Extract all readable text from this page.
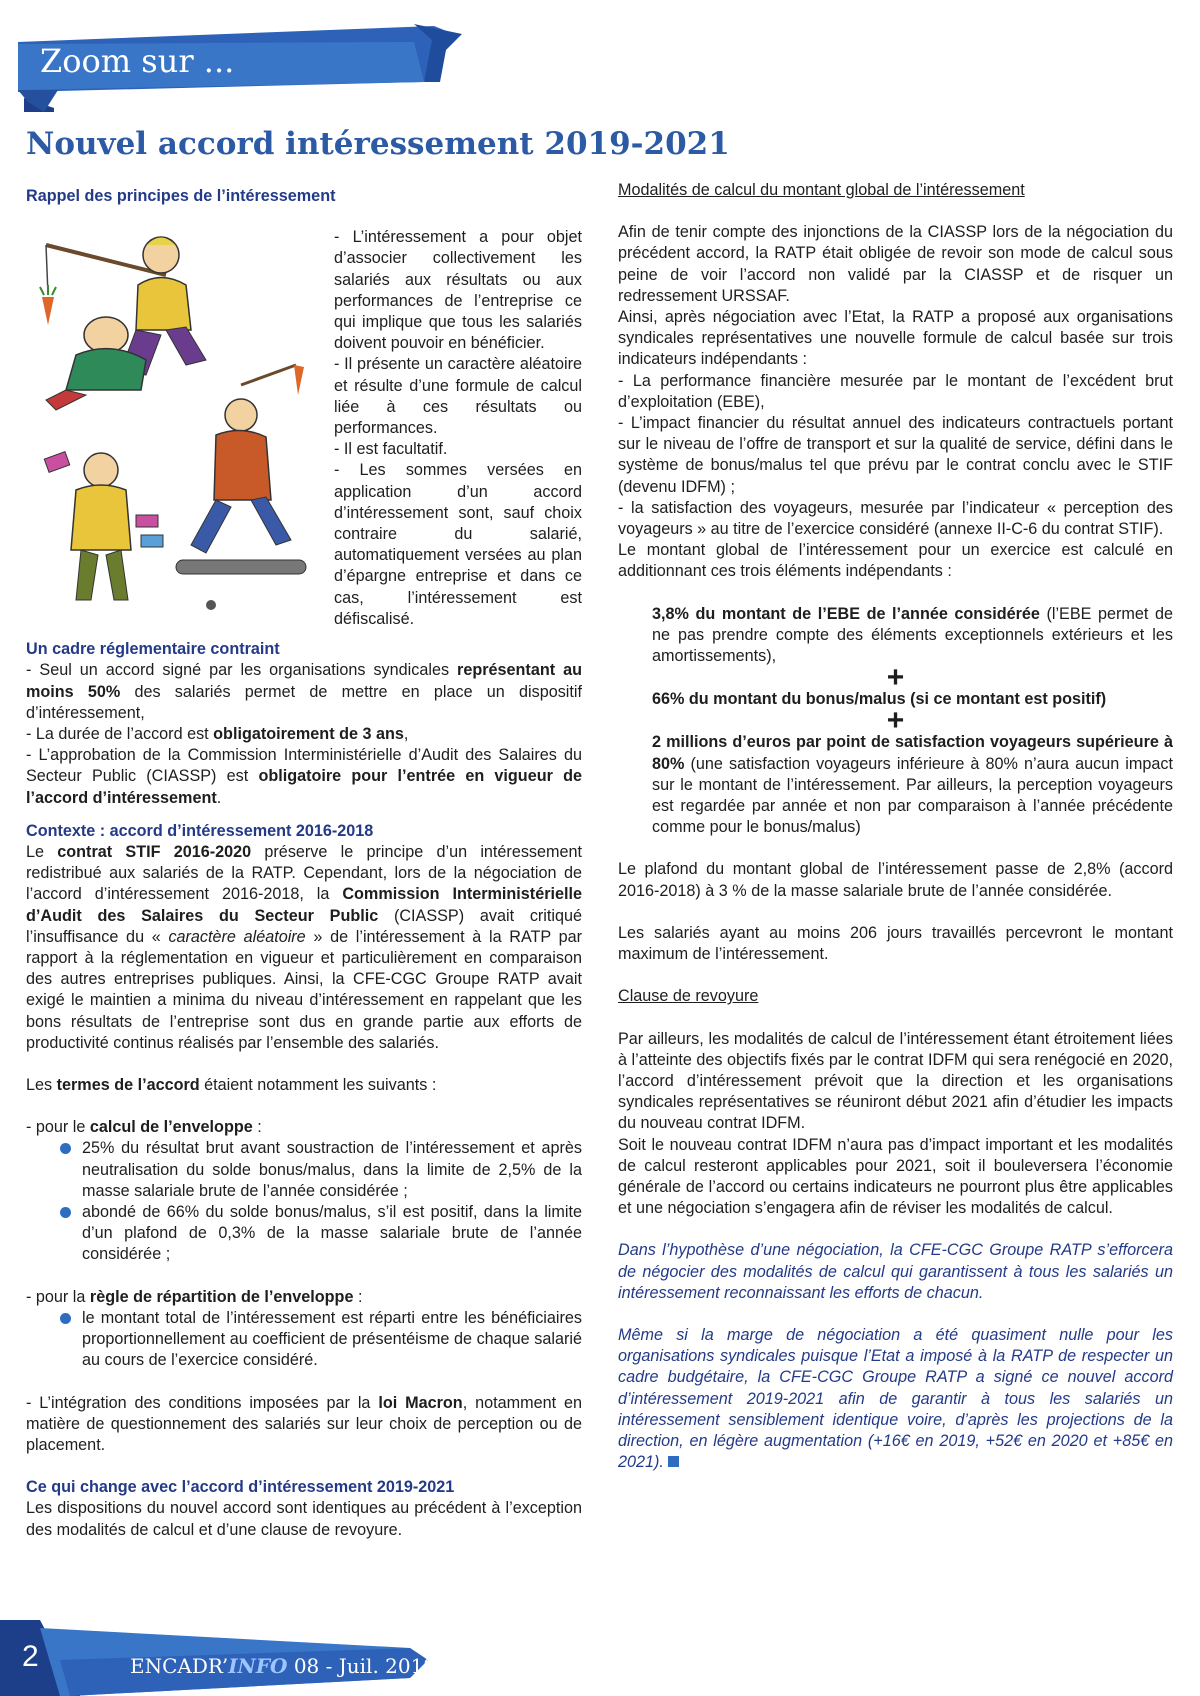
Zoom sur ...
Nouvel accord intéressement 2019-2021

Rappel des principes de l’intéressement

- L’intéressement a pour objet d’associer collectivement les salariés aux résultats ou aux performances de l’entreprise ce qui implique que tous les salariés doivent pouvoir en bénéficier.

- Il présente un caractère aléatoire et résulte d’une formule de calcul liée à ces résultats ou performances.

- Il est facultatif.

- Les sommes versées en application d’un accord d’intéressement sont, sauf choix contraire du salarié, automatiquement versées au plan d’épargne entreprise et dans ce cas, l’intéressement est défiscalisé.

Un cadre réglementaire contraint

- Seul un accord signé par les organisations syndicales représentant au moins 50% des salariés permet de mettre en place un dispositif d’intéressement,

- La durée de l’accord est obligatoirement de 3 ans,

- L’approbation de la Commission Interministérielle d’Audit des Salaires du Secteur Public (CIASSP) est obligatoire pour l’entrée en vigueur de l’accord d’intéressement.

Contexte : accord d’intéressement 2016-2018

Le contrat STIF 2016-2020 préserve le principe d’un intéressement redistribué aux salariés de la RATP. Cependant, lors de la négociation de l’accord d’intéressement 2016-2018, la Commission Interministérielle d’Audit des Salaires du Secteur Public (CIASSP) avait critiqué l’insuffisance du « caractère aléatoire » de l’intéressement à la RATP par rapport à la réglementation en vigueur et particulièrement en comparaison des autres entreprises publiques. Ainsi, la CFE-CGC Groupe RATP avait exigé le maintien a minima du niveau d’intéressement en rappelant que les bons résultats de l’entreprise sont dus en grande partie aux efforts de productivité continus réalisés par l’ensemble des salariés.

Les termes de l’accord étaient notamment les suivants :

- pour le calcul de l’enveloppe :

25% du résultat brut avant soustraction de l’intéressement et après neutralisation du solde bonus/malus, dans la limite de 2,5% de la masse salariale brute de l’année considérée ;
abondé de 66% du solde bonus/malus, s’il est positif, dans la limite d’un plafond de 0,3% de la masse salariale brute de l’année considérée ;

- pour la règle de répartition de l’enveloppe :

le montant total de l’intéressement est réparti entre les bénéficiaires proportionnellement au coefficient de présentéisme de chaque salarié au cours de l’exercice considéré.

- L’intégration des conditions imposées par la loi Macron, notamment en matière de questionnement des salariés sur leur choix de perception ou de placement.

Ce qui change avec l’accord d’intéressement 2019-2021

Les dispositions du nouvel accord sont identiques au précédent à l’exception des modalités de calcul et d’une clause de revoyure.

Modalités de calcul du montant global de l’intéressement

Afin de tenir compte des injonctions de la CIASSP lors de la négociation du précédent accord, la RATP était obligée de revoir son mode de calcul sous peine de voir l’accord non validé par la CIASSP et de risquer un redressement URSSAF.

Ainsi, après négociation avec l’Etat, la RATP a proposé aux organisations syndicales représentatives une nouvelle formule de calcul basée sur trois indicateurs indépendants :

- La performance financière mesurée par le montant de l’excédent brut d’exploitation (EBE),

- L’impact financier du résultat annuel des indicateurs contractuels portant sur le niveau de l’offre de transport et sur la qualité de service, défini dans le système de bonus/malus tel que prévu par le contrat conclu avec le STIF (devenu IDFM) ;

- la satisfaction des voyageurs, mesurée par l’indicateur « perception des voyageurs » au titre de l’exercice considéré (annexe II-C-6 du contrat STIF).

Le montant global de l’intéressement pour un exercice est calculé en additionnant ces trois éléments indépendants :

3,8% du montant de l’EBE de l’année considérée (l’EBE permet de ne pas prendre compte des éléments exceptionnels extérieurs et les amortissements),

+

66% du montant du bonus/malus (si ce montant est positif)

+

2 millions d’euros par point de satisfaction voyageurs supérieure à 80% (une satisfaction voyageurs inférieure à 80% n’aura aucun impact sur le montant de l’intéressement. Par ailleurs, la perception voyageurs est regardée par année et non par comparaison à l’année précédente comme pour le bonus/malus)

Le plafond du montant global de l’intéressement passe de 2,8% (accord 2016-2018) à 3 % de la masse salariale brute de l’année considérée.

Les salariés ayant au moins 206 jours travaillés percevront le montant maximum de l’intéressement.

Clause de revoyure

Par ailleurs, les modalités de calcul de l’intéressement étant étroitement liées à l’atteinte des objectifs fixés par le contrat IDFM qui sera renégocié en 2020, l’accord d’intéressement prévoit que la direction et les organisations syndicales représentatives se réuniront début 2021 afin d’étudier les impacts du nouveau contrat IDFM.

Soit le nouveau contrat IDFM n’aura pas d’impact important et les modalités de calcul resteront applicables pour 2021, soit il bouleversera l’économie générale de l’accord ou certains indicateurs ne pourront plus être applicables et une négociation s’engagera afin de réviser les modalités de calcul.

Dans l’hypothèse d’une négociation, la CFE-CGC Groupe RATP s’efforcera de négocier des modalités de calcul qui garantissent à tous les salariés un intéressement reconnaissant les efforts de chacun.

Même si la marge de négociation a été quasiment nulle pour les organisations syndicales puisque l’Etat a imposé à la RATP de respecter un cadre budgétaire, la CFE-CGC Groupe RATP a signé ce nouvel accord d’intéressement 2019-2021 afin de garantir à tous les salariés un intéressement sensiblement identique voire, d’après les projections de la direction, en légère augmentation (+16€ en 2019, +52€ en 2020 et +85€ en 2021).

2	ENCADR’INFO 08 - Juil. 2019
